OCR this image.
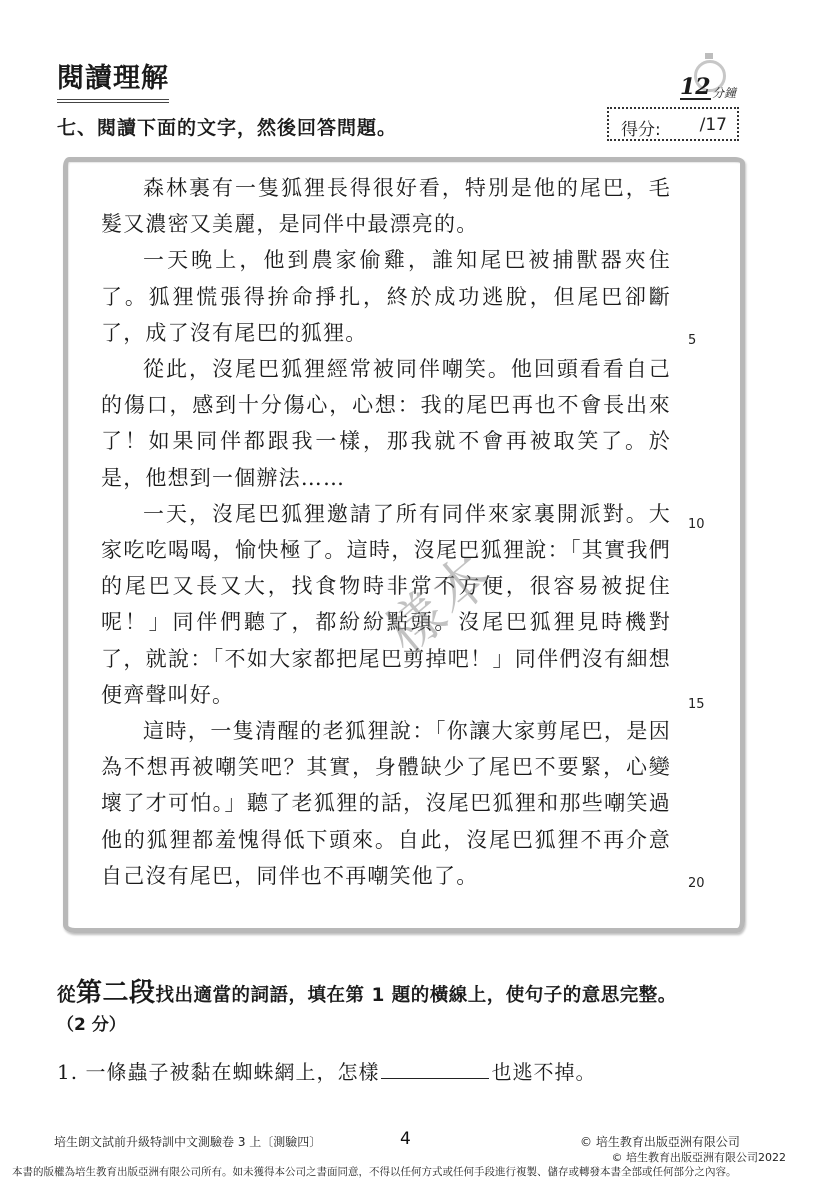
閱讀理解	12 分鐘
七、閱讀下面的文字，然後回答問題。	得分: /17

森林裏有一隻狐狸長得很好看，特別是他的尾巴，毛髮又濃密又美麗，是同伴中最漂亮的。

一天晚上，他到農家偷雞，誰知尾巴被捕獸器夾住了。狐狸慌張得拚命掙扎，終於成功逃脫，但尾巴卻斷了，成了沒有尾巴的狐狸。

從此，沒尾巴狐狸經常被同伴嘲笑。他回頭看看自己的傷口，感到十分傷心，心想：我的尾巴再也不會長出來了！如果同伴都跟我一樣，那我就不會再被取笑了。於是，他想到一個辦法……

一天，沒尾巴狐狸邀請了所有同伴來家裏開派對。大家吃吃喝喝，愉快極了。這時，沒尾巴狐狸說：「其實我們的尾巴又長又大，找食物時非常不方便，很容易被捉住呢！」同伴們聽了，都紛紛點頭。沒尾巴狐狸見時機對了，就說：「不如大家都把尾巴剪掉吧！」同伴們沒有細想便齊聲叫好。

這時，一隻清醒的老狐狸說：「你讓大家剪尾巴，是因為不想再被嘲笑吧？其實，身體缺少了尾巴不要緊，心變壞了才可怕。」聽了老狐狸的話，沒尾巴狐狸和那些嘲笑過他的狐狸都羞愧得低下頭來。自此，沒尾巴狐狸不再介意自己沒有尾巴，同伴也不再嘲笑他了。

5
10
15
20
樣本
從第二段找出適當的詞語，填在第 1 題的橫線上，使句子的意思完整。
（2 分）
1. 一條蟲子被黏在蜘蛛網上，怎樣	也逃不掉。
培生朗文試前升級特訓中文測驗卷 3 上〔測驗四〕	4	© 培生教育出版亞洲有限公司
© 培生教育出版亞洲有限公司2022
本書的版權為培生教育出版亞洲有限公司所有。如未獲得本公司之書面同意，不得以任何方式或任何手段進行複製、儲存或轉發本書全部或任何部分之內容。
